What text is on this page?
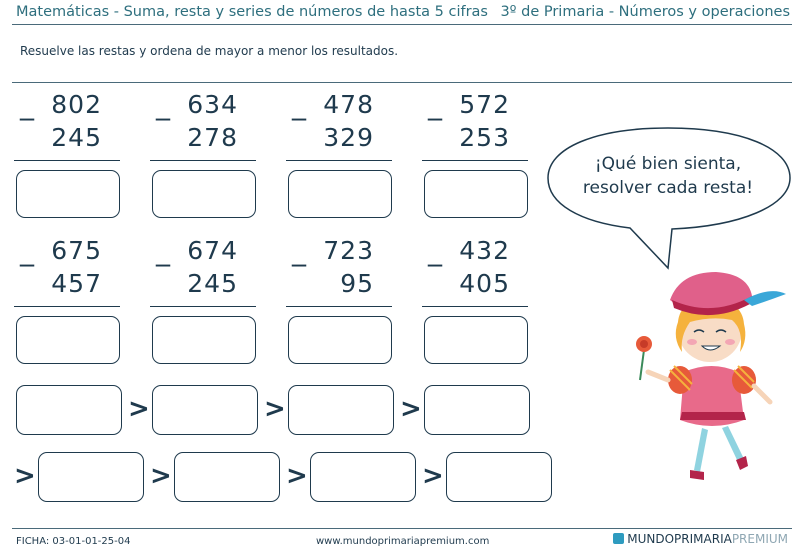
Matemáticas - Suma, resta y series de números de hasta 5 cifras 3º de Primaria - Números y operaciones
Resuelve las restas y ordena de mayor a menor los resultados.
_ 802
245
_ 634
278
_ 478
329
_ 572
253
_ 675
457
_ 674
245
_ 723
95
_ 432
405
>	>	>
>	>	>	>
¡Qué bien sienta,
resolver cada resta!
FICHA: 03-01-01-25-04	www.mundoprimariapremium.com	MUNDOPRIMARIAPREMIUM
